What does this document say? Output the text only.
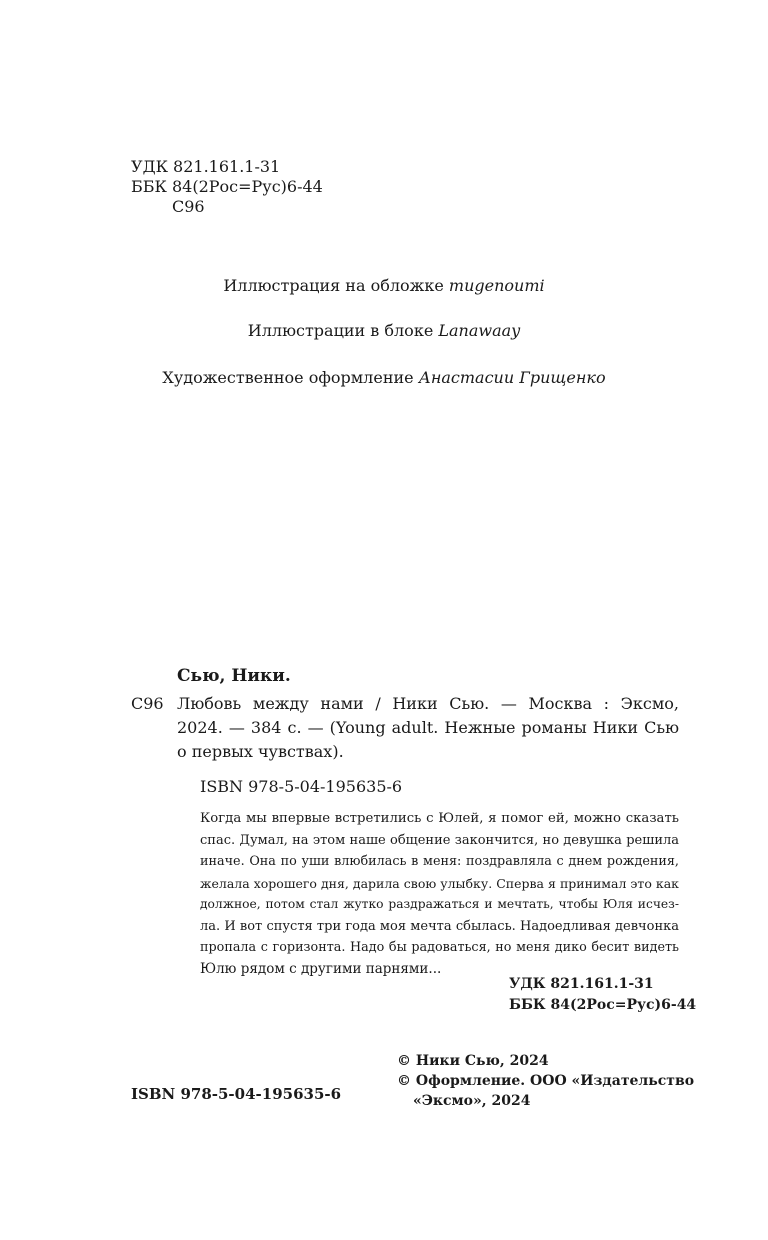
УДК 821.161.1-31
ББК 84(2Рос=Рус)6-44
С96
Иллюстрация на обложке mugenoumi
Иллюстрации в блоке Lanawaay
Художественное оформление Анастасии Грищенко
Сью, Ники.
С96 Любовь между нами / Ники Сью. — Москва : Эксмо,
2024. — 384 с. — (Young adult. Нежные романы Ники Сью
о первых чувствах).
ISBN 978-5-04-195635-6
Когда мы впервые встретились с Юлей, я помог ей, можно сказать
спас. Думал, на этом наше общение закончится, но девушка решила
иначе. Она по уши влюбилась в меня: поздравляла с днем рождения,
желала хорошего дня, дарила свою улыбку. Сперва я принимал это как
должное, потом стал жутко раздражаться и мечтать, чтобы Юля исчез-
ла. И вот спустя три года моя мечта сбылась. Надоедливая девчонка
пропала с горизонта. Надо бы радоваться, но меня дико бесит видеть
Юлю рядом с другими парнями...
УДК 821.161.1-31
ББК 84(2Рос=Рус)6-44
ISBN 978-5-04-195635-6
© Ники Сью, 2024
© Оформление. ООО «Издательство
«Эксмо», 2024
